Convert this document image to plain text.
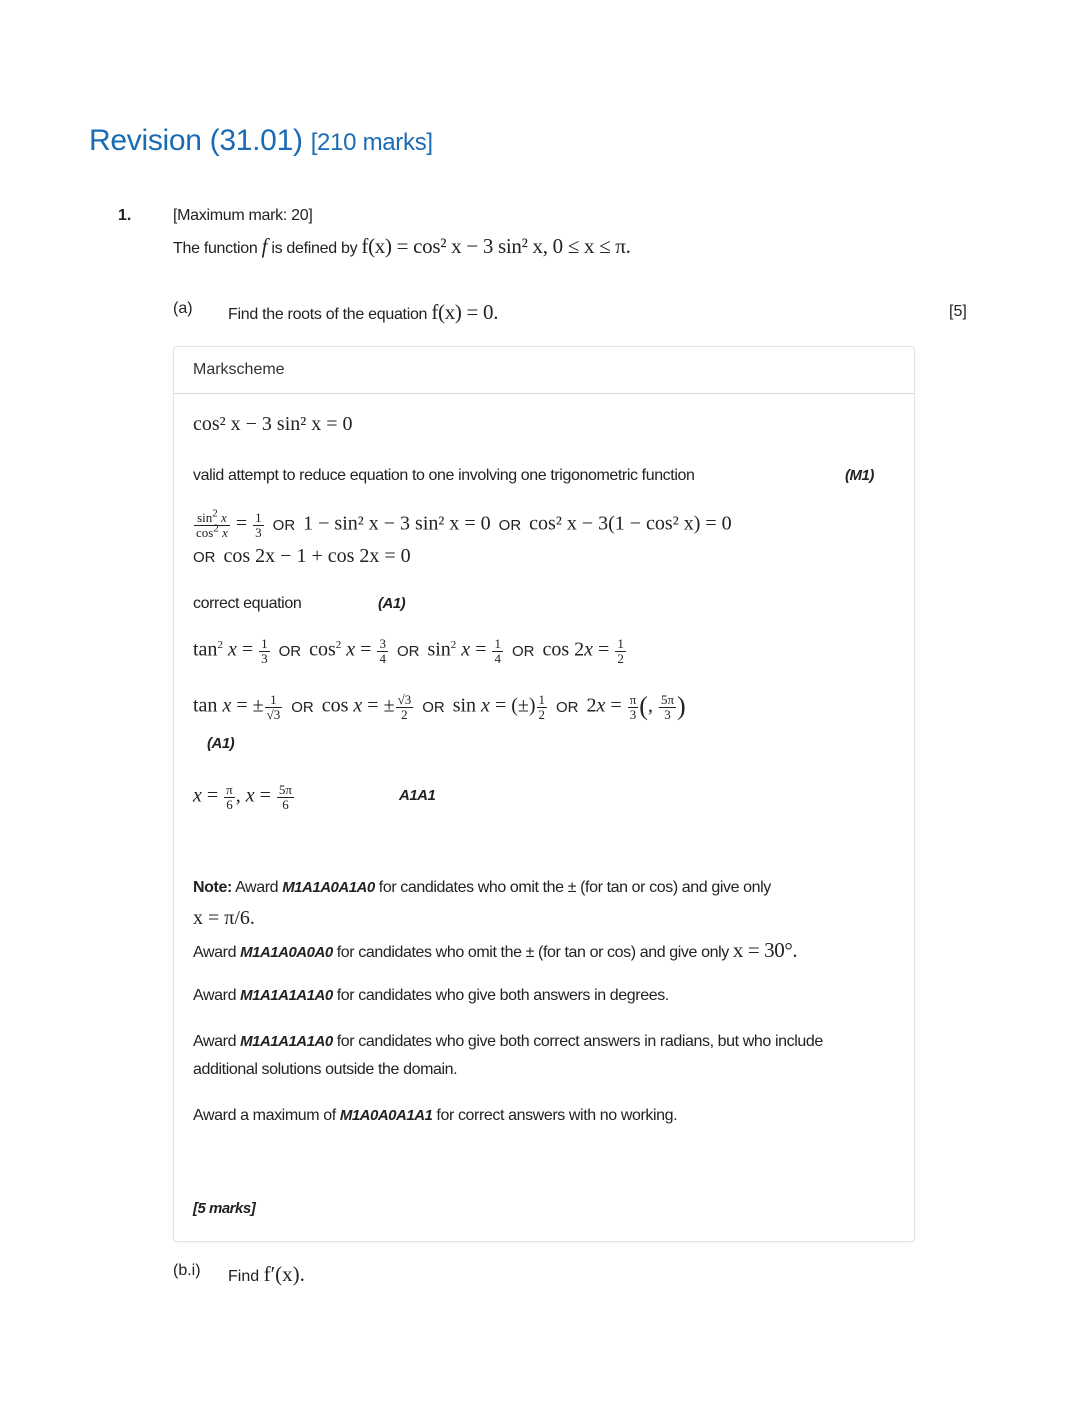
Revision (31.01) [210 marks]
1.	[Maximum mark: 20]
The function f is defined by f(x) = cos² x − 3 sin² x, 0 ≤ x ≤ π.
(a) Find the roots of the equation f(x) = 0.	[5]
Markscheme
cos² x − 3 sin² x = 0
valid attempt to reduce equation to one involving one trigonometric function	(M1)
$\frac{\sin^2 x}{\cos^2 x} = \frac{1}{3}$ OR 1 − sin² x − 3 sin² x = 0 OR cos² x − 3(1 − cos² x) = 0
OR cos 2x − 1 + cos 2x = 0
correct equation	(A1)
$\tan^2 x = \frac{1}{3}$ OR $\cos^2 x = \frac{3}{4}$ OR $\sin^2 x = \frac{1}{4}$ OR $\cos 2x = \frac{1}{2}$
tan x = ± $\frac{1}{√3}$ OR cos x = ± $\frac{√3}{2}$ OR sin x = (±) $\frac{1}{2}$ OR $2x = \frac{\pi}{3}$ (, $\frac{5\pi}{3}$ )
(A1)
$x = \frac{\pi}{6}$ , $x = \frac{5\pi}{6}$	A1A1
Note: Award M1A1A0A1A0 for candidates who omit the ± (for tan or cos) and give only
x = π/6.
Award M1A1A0A0A0 for candidates who omit the ± (for tan or cos) and give only x = 30°.
Award M1A1A1A1A0 for candidates who give both answers in degrees.
Award M1A1A1A1A0 for candidates who give both correct answers in radians, but who include
additional solutions outside the domain.
Award a maximum of M1A0A0A1A1 for correct answers with no working.
[5 marks]
(b.i) Find f′(x).
